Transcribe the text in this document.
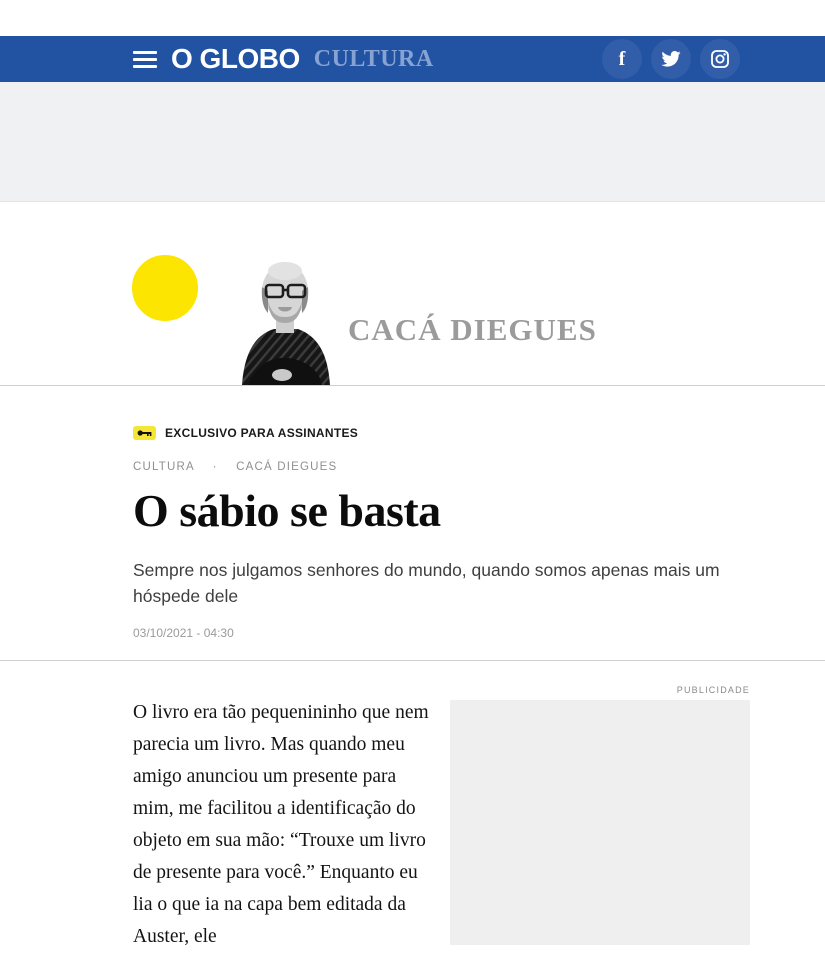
O GLOBO CULTURA	f
CACÁ DIEGUES
EXCLUSIVO PARA ASSINANTES
CULTURA · CACÁ DIEGUES
O sábio se basta
Sempre nos julgamos senhores do mundo, quando somos apenas mais um hóspede dele
03/10/2021 - 04:30

O livro era tão pequenininho que nem parecia um livro. Mas quando meu amigo anunciou um presente para mim, me facilitou a identificação do objeto em sua mão: “Trouxe um livro de presente para você.” Enquanto eu lia o que ia na capa bem editada da Auster, ele

PUBLICIDADE
